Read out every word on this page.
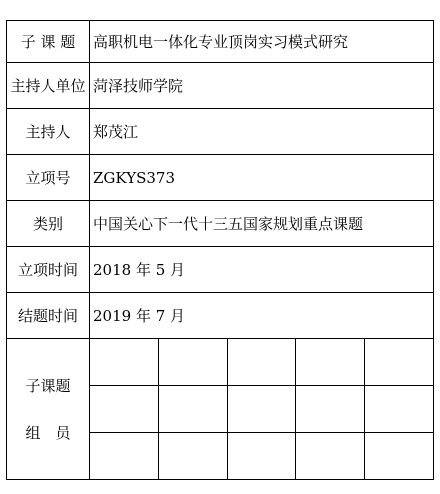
子 课 题	高职机电一体化专业顶岗实习模式研究
主持人单位	菏泽技师学院
主持人	郑茂江
立项号	ZGKYS373
类别	中国关心下一代十三五国家规划重点课题
立项时间	2018 年 5 月
结题时间	2019 年 7 月

子课题
组　员
